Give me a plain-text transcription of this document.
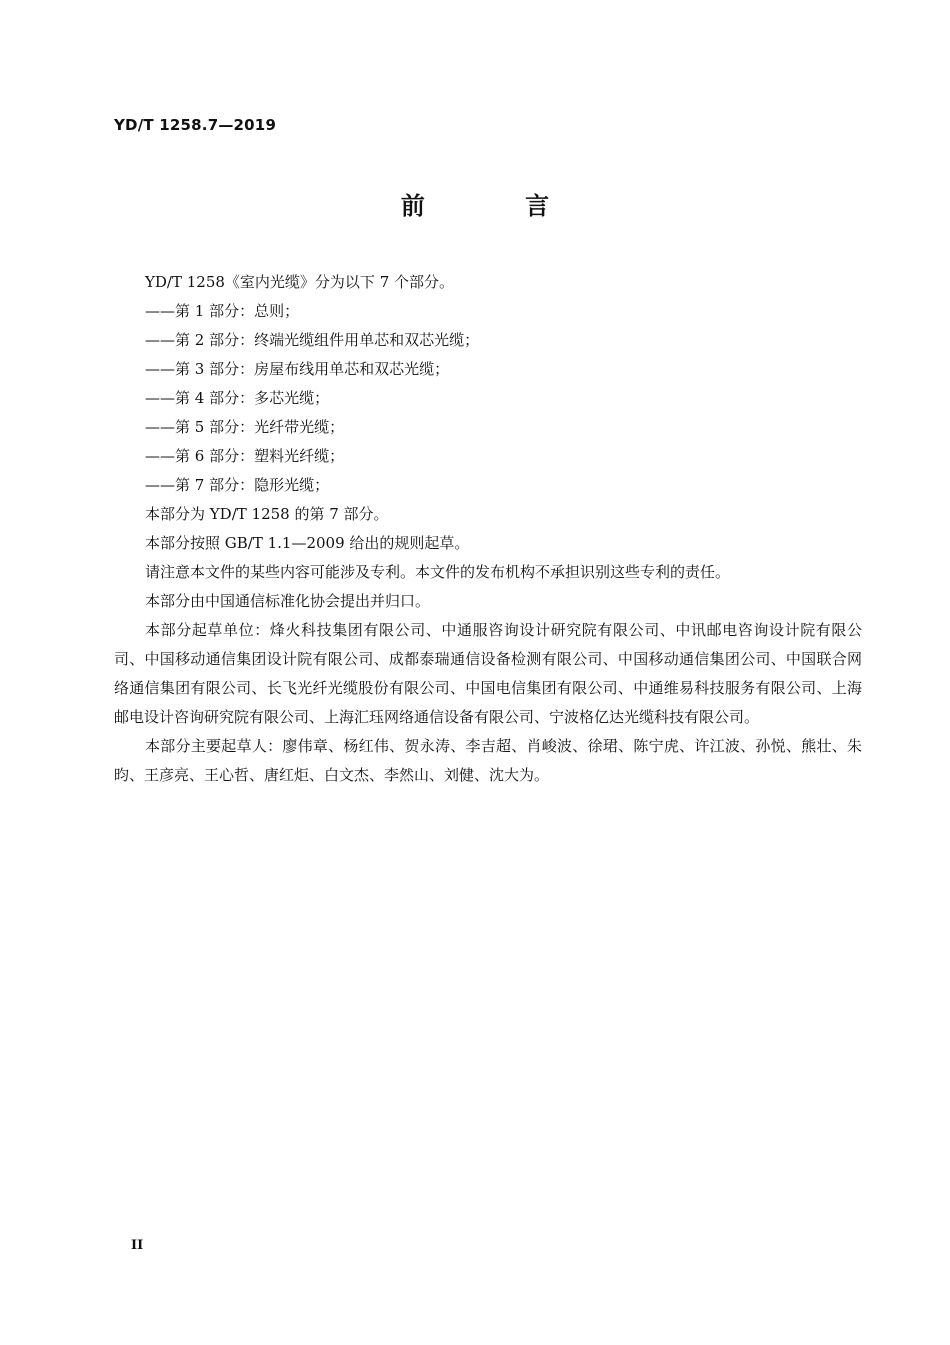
YD/T 1258.7—2019
前 言

YD/T 1258《室内光缆》分为以下 7 个部分。

——第 1 部分：总则；

——第 2 部分：终端光缆组件用单芯和双芯光缆；

——第 3 部分：房屋布线用单芯和双芯光缆；

——第 4 部分：多芯光缆；

——第 5 部分：光纤带光缆；

——第 6 部分：塑料光纤缆；

——第 7 部分：隐形光缆；

本部分为 YD/T 1258 的第 7 部分。

本部分按照 GB/T 1.1—2009 给出的规则起草。

请注意本文件的某些内容可能涉及专利。本文件的发布机构不承担识别这些专利的责任。

本部分由中国通信标准化协会提出并归口。

本部分起草单位：烽火科技集团有限公司、中通服咨询设计研究院有限公司、中讯邮电咨询设计院有限公司、中国移动通信集团设计院有限公司、成都泰瑞通信设备检测有限公司、中国移动通信集团公司、中国联合网络通信集团有限公司、长飞光纤光缆股份有限公司、中国电信集团有限公司、中通维易科技服务有限公司、上海邮电设计咨询研究院有限公司、上海汇珏网络通信设备有限公司、宁波格亿达光缆科技有限公司。

本部分主要起草人：廖伟章、杨红伟、贺永涛、李吉超、肖峻波、徐珺、陈宁虎、许江波、孙悦、熊壮、朱昀、王彦亮、王心哲、唐红炬、白文杰、李然山、刘健、沈大为。

II
